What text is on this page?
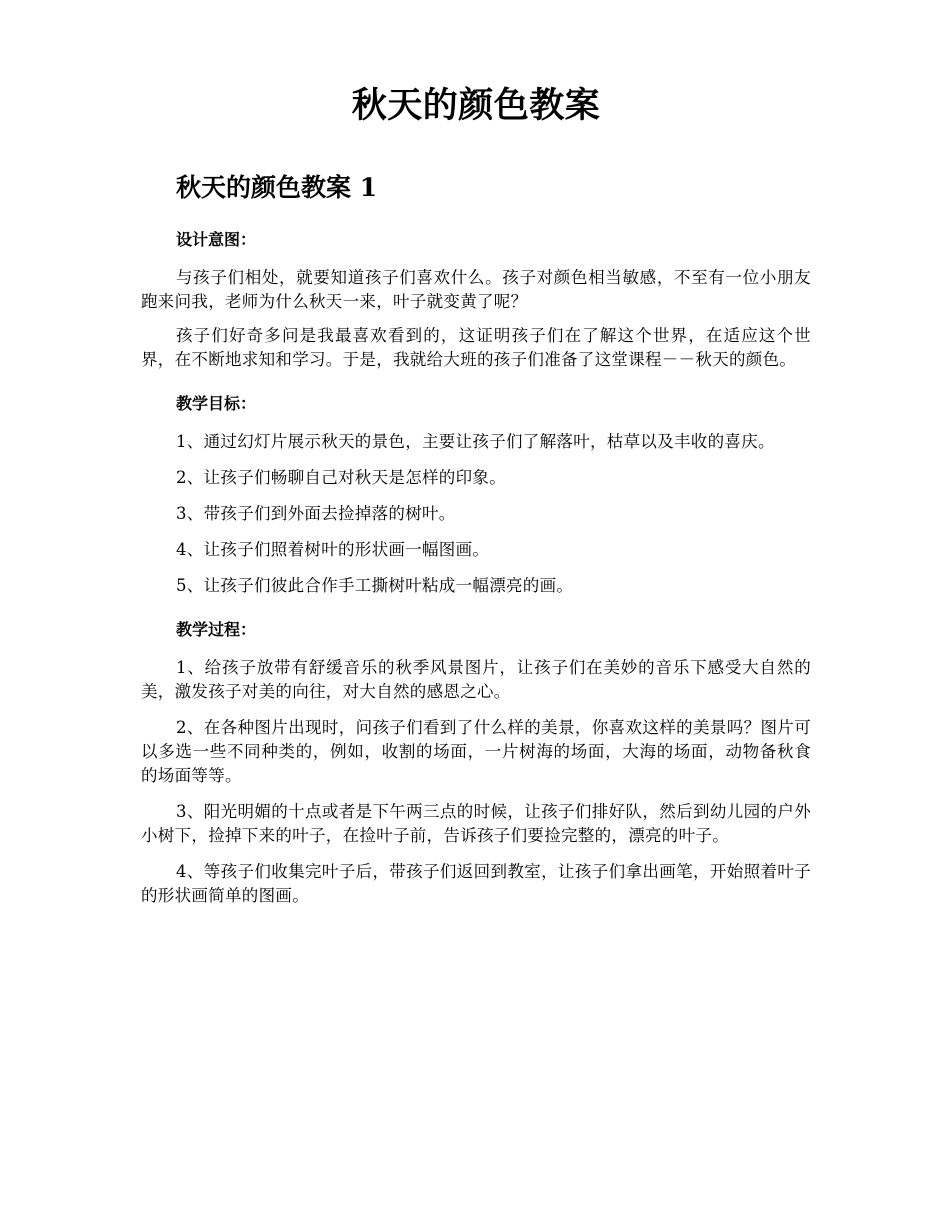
秋天的颜色教案
秋天的颜色教案 1
设计意图：

与孩子们相处，就要知道孩子们喜欢什么。孩子对颜色相当敏感，不至有一位小朋友跑来问我，老师为什么秋天一来，叶子就变黄了呢？

孩子们好奇多问是我最喜欢看到的，这证明孩子们在了解这个世界，在适应这个世界，在不断地求知和学习。于是，我就给大班的孩子们准备了这堂课程－－秋天的颜色。

教学目标：

1、通过幻灯片展示秋天的景色，主要让孩子们了解落叶，枯草以及丰收的喜庆。

2、让孩子们畅聊自己对秋天是怎样的印象。

3、带孩子们到外面去捡掉落的树叶。

4、让孩子们照着树叶的形状画一幅图画。

5、让孩子们彼此合作手工撕树叶粘成一幅漂亮的画。

教学过程：

1、给孩子放带有舒缓音乐的秋季风景图片，让孩子们在美妙的音乐下感受大自然的美，激发孩子对美的向往，对大自然的感恩之心。

2、在各种图片出现时，问孩子们看到了什么样的美景，你喜欢这样的美景吗？图片可以多选一些不同种类的，例如，收割的场面，一片树海的场面，大海的场面，动物备秋食的场面等等。

3、阳光明媚的十点或者是下午两三点的时候，让孩子们排好队，然后到幼儿园的户外小树下，捡掉下来的叶子，在捡叶子前，告诉孩子们要捡完整的，漂亮的叶子。

4、等孩子们收集完叶子后，带孩子们返回到教室，让孩子们拿出画笔，开始照着叶子的形状画简单的图画。
